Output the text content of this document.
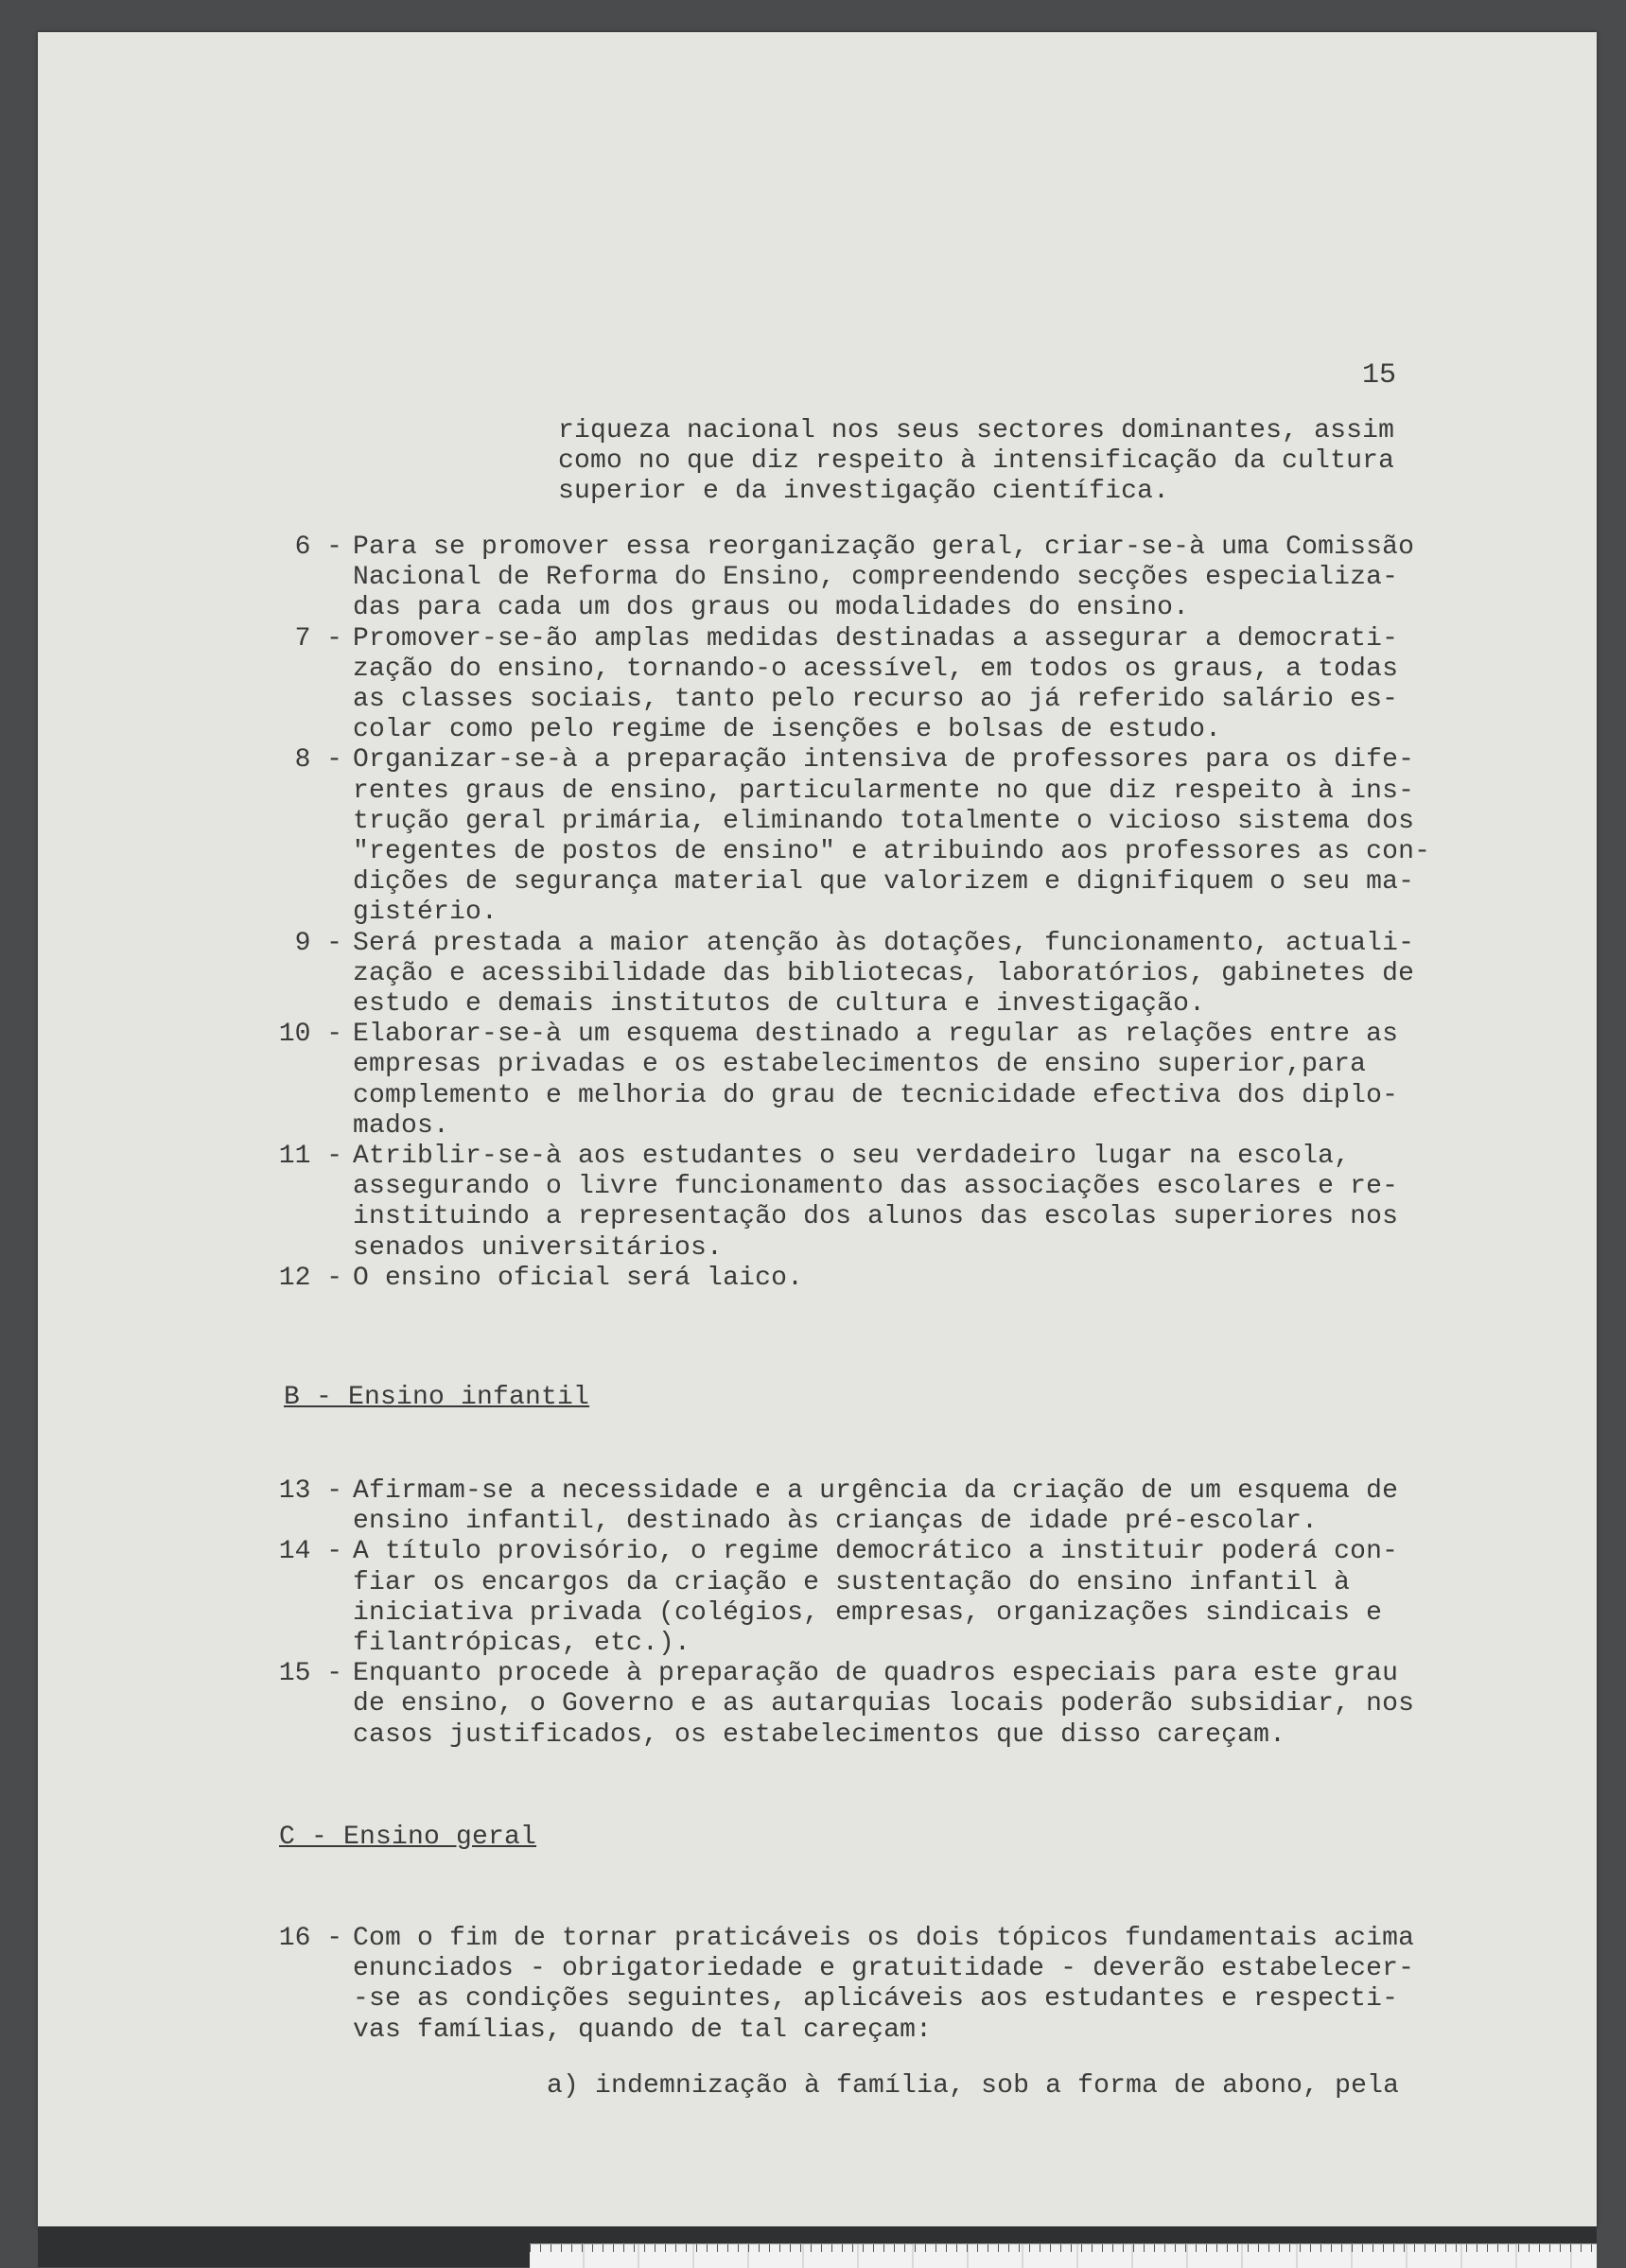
15
riqueza nacional nos seus sectores dominantes, assim
como no que diz respeito à intensificação da cultura
superior e da investigação científica.
6 - Para se promover essa reorganização geral, criar-se-à uma Comissão
Nacional de Reforma do Ensino, compreendendo secções especializa-
das para cada um dos graus ou modalidades do ensino.
7 - Promover-se-ão amplas medidas destinadas a assegurar a democrati-
zação do ensino, tornando-o acessível, em todos os graus, a todas
as classes sociais, tanto pelo recurso ao já referido salário es-
colar como pelo regime de isenções e bolsas de estudo.
8 - Organizar-se-à a preparação intensiva de professores para os dife-
rentes graus de ensino, particularmente no que diz respeito à ins-
trução geral primária, eliminando totalmente o vicioso sistema dos
"regentes de postos de ensino" e atribuindo aos professores as con-
dições de segurança material que valorizem e dignifiquem o seu ma-
gistério.
9 - Será prestada a maior atenção às dotações, funcionamento, actuali-
zação e acessibilidade das bibliotecas, laboratórios, gabinetes de
estudo e demais institutos de cultura e investigação.
10 - Elaborar-se-à um esquema destinado a regular as relações entre as
empresas privadas e os estabelecimentos de ensino superior,para
complemento e melhoria do grau de tecnicidade efectiva dos diplo-
mados.
11 - Atriblir-se-à aos estudantes o seu verdadeiro lugar na escola,
assegurando o livre funcionamento das associações escolares e re-
instituindo a representação dos alunos das escolas superiores nos
senados universitários.
12 - O ensino oficial será laico.
B - Ensino infantil
13 - Afirmam-se a necessidade e a urgência da criação de um esquema de
ensino infantil, destinado às crianças de idade pré-escolar.
14 - A título provisório, o regime democrático a instituir poderá con-
fiar os encargos da criação e sustentação do ensino infantil à
iniciativa privada (colégios, empresas, organizações sindicais e
filantrópicas, etc.).
15 - Enquanto procede à preparação de quadros especiais para este grau
de ensino, o Governo e as autarquias locais poderão subsidiar, nos
casos justificados, os estabelecimentos que disso careçam.
C - Ensino geral
16 - Com o fim de tornar praticáveis os dois tópicos fundamentais acima
enunciados - obrigatoriedade e gratuitidade - deverão estabelecer-
-se as condições seguintes, aplicáveis aos estudantes e respecti-
vas famílias, quando de tal careçam:
a) indemnização à família, sob a forma de abono, pela
